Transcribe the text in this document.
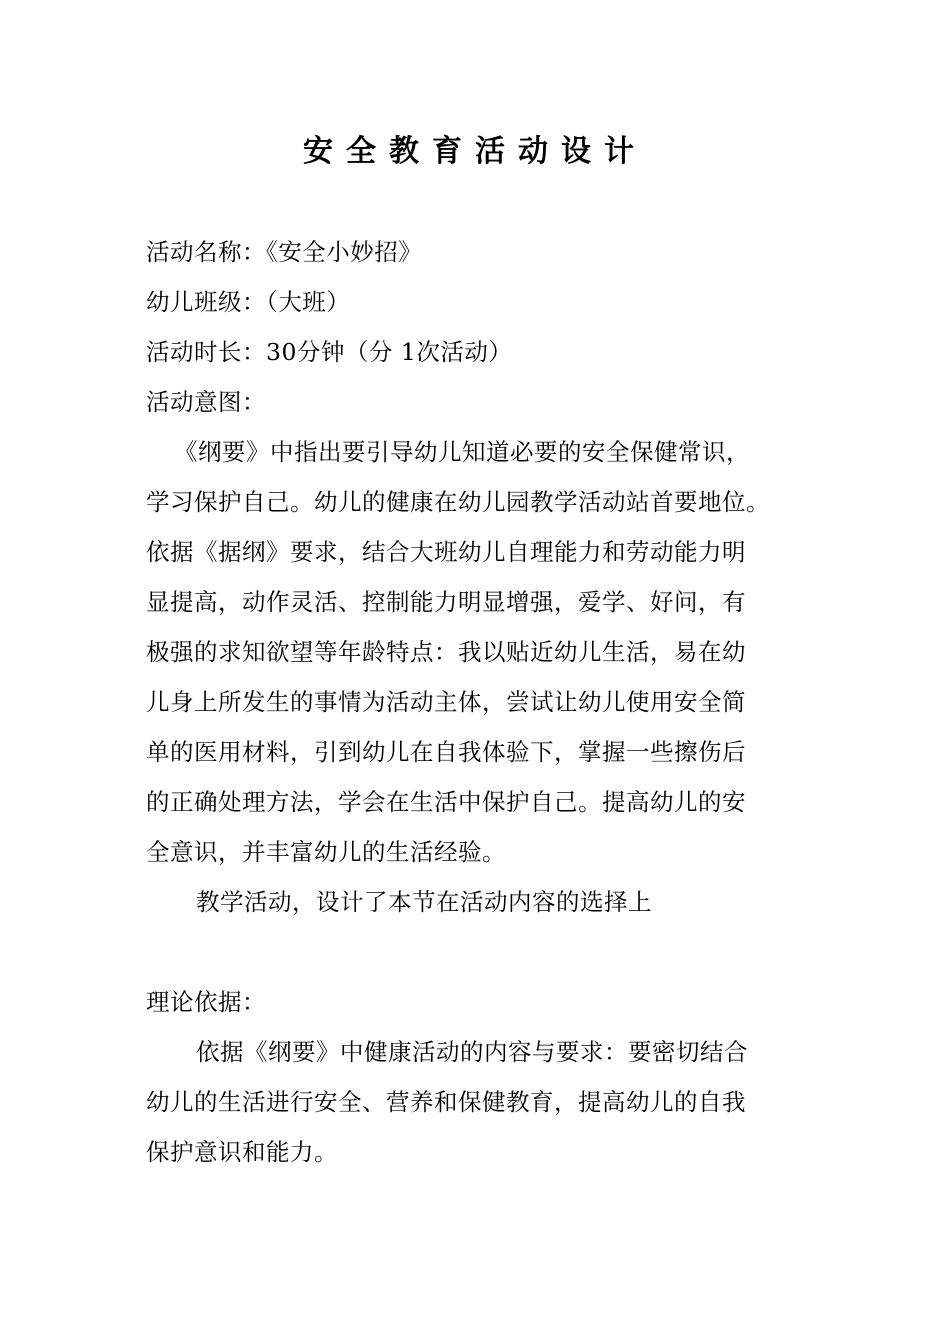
安全教育活动设计
活动名称：《安全小妙招》
幼儿班级：（大班）
活动时长：30分钟（分 1次活动）
活动意图：
《纲要》中指出要引导幼儿知道必要的安全保健常识，
学习保护自己。幼儿的健康在幼儿园教学活动站首要地位。
依据《据纲》要求，结合大班幼儿自理能力和劳动能力明
显提高，动作灵活、控制能力明显增强，爱学、好问，有
极强的求知欲望等年龄特点：我以贴近幼儿生活，易在幼
儿身上所发生的事情为活动主体，尝试让幼儿使用安全简
单的医用材料，引到幼儿在自我体验下，掌握一些擦伤后
的正确处理方法，学会在生活中保护自己。提高幼儿的安
全意识，并丰富幼儿的生活经验。
教学活动，设计了本节在活动内容的选择上
理论依据：
依据《纲要》中健康活动的内容与要求：要密切结合
幼儿的生活进行安全、营养和保健教育，提高幼儿的自我
保护意识和能力。
